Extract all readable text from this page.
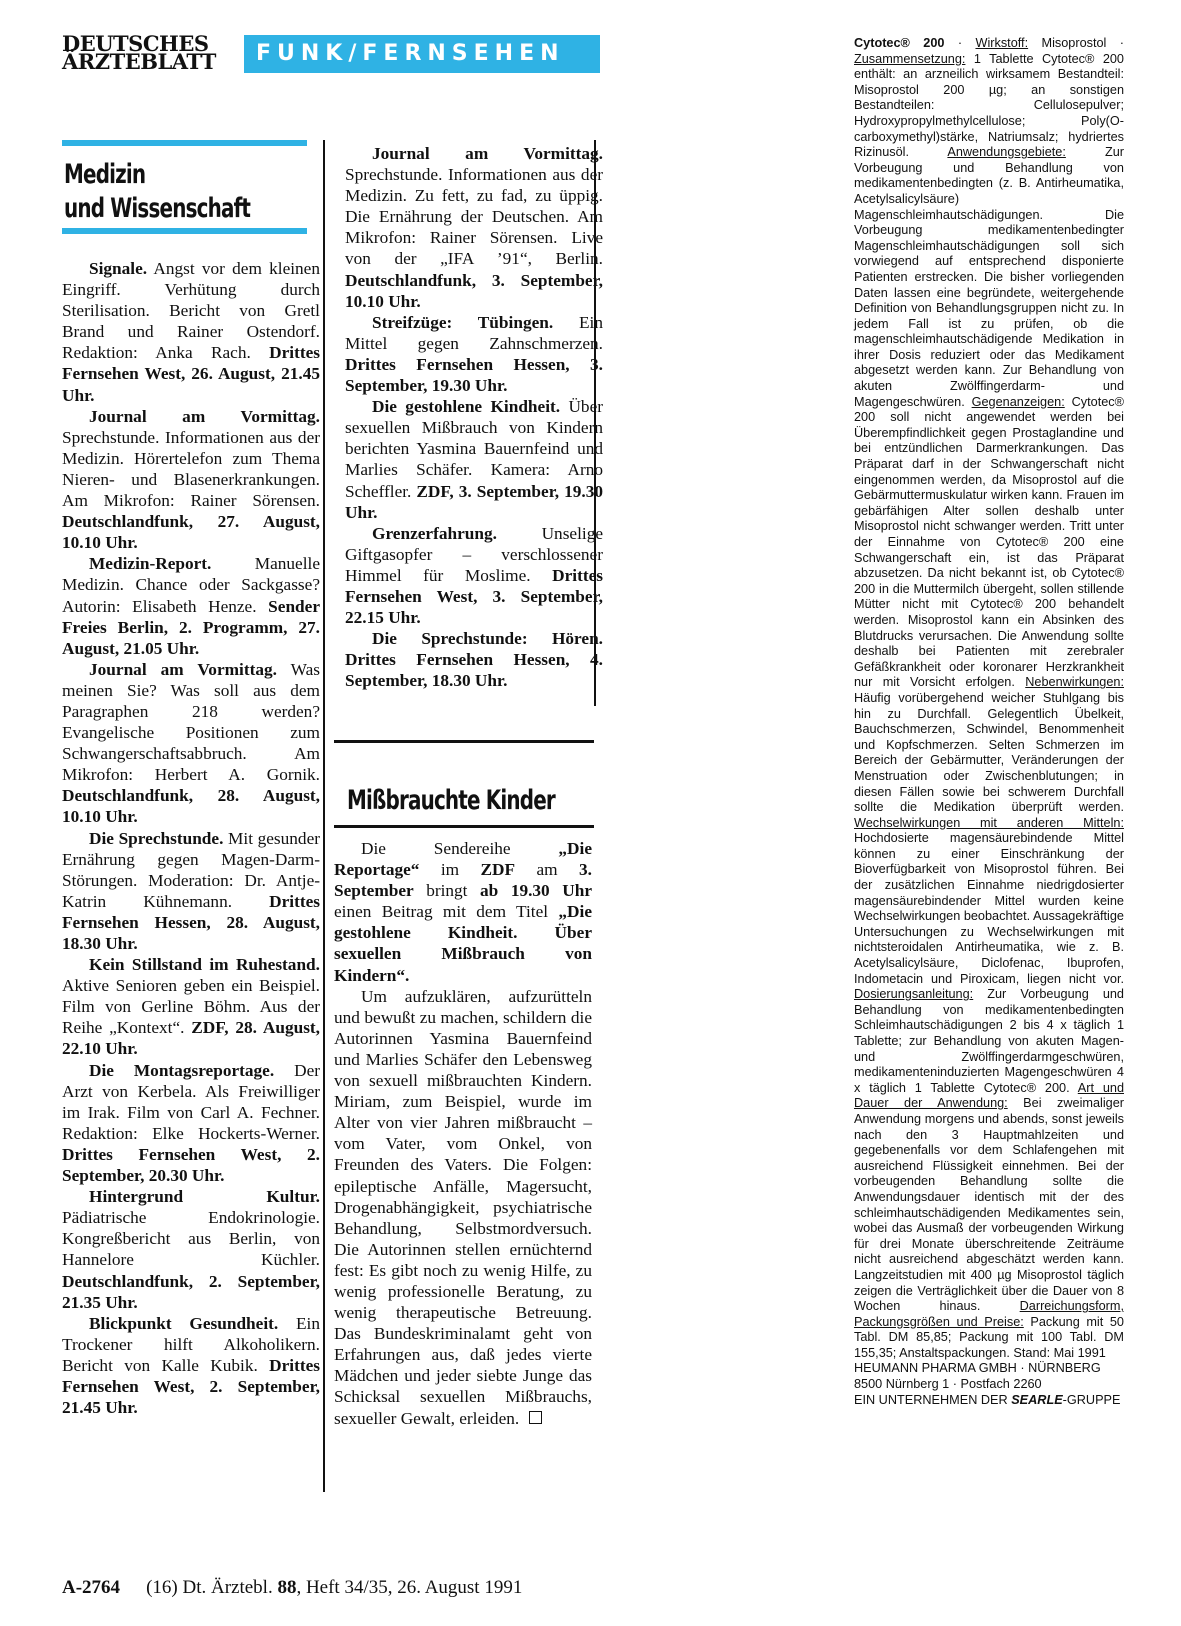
DEUTSCHES
ÄRZTEBLATT	FUNK/FERNSEHEN
Medizin
und Wissenschaft

Signale. Angst vor dem kleinen Eingriff. Verhütung durch Sterilisation. Bericht von Gretl Brand und Rainer Ostendorf. Redaktion: Anka Rach. Drittes Fernsehen West, 26. August, 21.45 Uhr.

Journal am Vormittag. Sprechstunde. Informationen aus der Medizin. Hörertelefon zum Thema Nieren- und Blasenerkrankungen. Am Mikrofon: Rainer Sörensen. Deutschlandfunk, 27. August, 10.10 Uhr.

Medizin-Report. Manuelle Medizin. Chance oder Sackgasse? Autorin: Elisabeth Henze. Sender Freies Berlin, 2. Programm, 27. August, 21.05 Uhr.

Journal am Vormittag. Was meinen Sie? Was soll aus dem Paragraphen 218 werden? Evangelische Positionen zum Schwangerschaftsabbruch. Am Mikrofon: Herbert A. Gornik. Deutschlandfunk, 28. August, 10.10 Uhr.

Die Sprechstunde. Mit gesunder Ernährung gegen Magen-Darm-Störungen. Moderation: Dr. Antje-Katrin Kühnemann. Drittes Fernsehen Hessen, 28. August, 18.30 Uhr.

Kein Stillstand im Ruhestand. Aktive Senioren geben ein Beispiel. Film von Gerline Böhm. Aus der Reihe „Kontext“. ZDF, 28. August, 22.10 Uhr.

Die Montagsreportage. Der Arzt von Kerbela. Als Freiwilliger im Irak. Film von Carl A. Fechner. Redaktion: Elke Hockerts-Werner. Drittes Fernsehen West, 2. September, 20.30 Uhr.

Hintergrund Kultur. Pädiatrische Endokrinologie. Kongreßbericht aus Berlin, von Hannelore Küchler. Deutschlandfunk, 2. September, 21.35 Uhr.

Blickpunkt Gesundheit. Ein Trockener hilft Alkoholikern. Bericht von Kalle Kubik. Drittes Fernsehen West, 2. September, 21.45 Uhr.

Journal am Vormittag. Sprechstunde. Informationen aus der Medizin. Zu fett, zu fad, zu üppig. Die Ernährung der Deutschen. Am Mikrofon: Rainer Sörensen. Live von der „IFA ’91“, Berlin. Deutschlandfunk, 3. September, 10.10 Uhr.

Streifzüge: Tübingen. Ein Mittel gegen Zahnschmerzen. Drittes Fernsehen Hessen, 3. September, 19.30 Uhr.

Die gestohlene Kindheit. Über sexuellen Mißbrauch von Kindern berichten Yasmina Bauernfeind und Marlies Schäfer. Kamera: Arno Scheffler. ZDF, 3. September, 19.30 Uhr.

Grenzerfahrung. Unselige Giftgasopfer – verschlossener Himmel für Moslime. Drittes Fernsehen West, 3. September, 22.15 Uhr.

Die Sprechstunde: Hören. Drittes Fernsehen Hessen, 4. September, 18.30 Uhr.

Mißbrauchte Kinder

Die Sendereihe „Die Reportage“ im ZDF am 3. September bringt ab 19.30 Uhr einen Beitrag mit dem Titel „Die gestohlene Kindheit. Über sexuellen Mißbrauch von Kindern“.

Um aufzuklären, aufzurütteln und bewußt zu machen, schildern die Autorinnen Yasmina Bauernfeind und Marlies Schäfer den Lebensweg von sexuell mißbrauchten Kindern. Miriam, zum Beispiel, wurde im Alter von vier Jahren mißbraucht – vom Vater, vom Onkel, von Freunden des Vaters. Die Folgen: epileptische Anfälle, Magersucht, Drogenabhängigkeit, psychiatrische Behandlung, Selbstmordversuch. Die Autorinnen stellen ernüchternd fest: Es gibt noch zu wenig Hilfe, zu wenig professionelle Beratung, zu wenig therapeutische Betreuung. Das Bundeskriminalamt geht von Erfahrungen aus, daß jedes vierte Mädchen und jeder siebte Junge das Schicksal sexuellen Mißbrauchs, sexueller Gewalt, erleiden.

A-2764 (16) Dt. Ärztebl. 88, Heft 34/35, 26. August 1991
Cytotec® 200 · Wirkstoff: Misoprostol · Zusammensetzung: 1 Tablette Cytotec® 200 enthält: an arzneilich wirksamem Bestandteil: Misoprostol 200 µg; an sonstigen Bestandteilen: Cellulosepulver; Hydroxypropylmethylcellulose; Poly(O-carboxymethyl)stärke, Natriumsalz; hydriertes Rizinusöl. Anwendungsgebiete: Zur Vorbeugung und Behandlung von medikamentenbedingten (z. B. Antirheumatika, Acetylsalicylsäure) Magenschleimhautschädigungen. Die Vorbeugung medikamentenbedingter Magenschleimhautschädigungen soll sich vorwiegend auf entsprechend disponierte Patienten erstrecken. Die bisher vorliegenden Daten lassen eine begründete, weitergehende Definition von Behandlungsgruppen nicht zu. In jedem Fall ist zu prüfen, ob die magenschleimhautschädigende Medikation in ihrer Dosis reduziert oder das Medikament abgesetzt werden kann. Zur Behandlung von akuten Zwölffingerdarm- und Magengeschwüren. Gegenanzeigen: Cytotec® 200 soll nicht angewendet werden bei Überempfindlichkeit gegen Prostaglandine und bei entzündlichen Darmerkrankungen. Das Präparat darf in der Schwangerschaft nicht eingenommen werden, da Misoprostol auf die Gebärmuttermuskulatur wirken kann. Frauen im gebärfähigen Alter sollen deshalb unter Misoprostol nicht schwanger werden. Tritt unter der Einnahme von Cytotec® 200 eine Schwangerschaft ein, ist das Präparat abzusetzen. Da nicht bekannt ist, ob Cytotec® 200 in die Muttermilch übergeht, sollen stillende Mütter nicht mit Cytotec® 200 behandelt werden. Misoprostol kann ein Absinken des Blutdrucks verursachen. Die Anwendung sollte deshalb bei Patienten mit zerebraler Gefäßkrankheit oder koronarer Herzkrankheit nur mit Vorsicht erfolgen. Nebenwirkungen: Häufig vorübergehend weicher Stuhlgang bis hin zu Durchfall. Gelegentlich Übelkeit, Bauchschmerzen, Schwindel, Benommenheit und Kopfschmerzen. Selten Schmerzen im Bereich der Gebärmutter, Veränderungen der Menstruation oder Zwischenblutungen; in diesen Fällen sowie bei schwerem Durchfall sollte die Medikation überprüft werden. Wechselwirkungen mit anderen Mitteln: Hochdosierte magensäurebindende Mittel können zu einer Einschränkung der Bioverfügbarkeit von Misoprostol führen. Bei der zusätzlichen Einnahme niedrigdosierter magensäurebindender Mittel wurden keine Wechselwirkungen beobachtet. Aussagekräftige Untersuchungen zu Wechselwirkungen mit nichtsteroidalen Antirheumatika, wie z. B. Acetylsalicylsäure, Diclofenac, Ibuprofen, Indometacin und Piroxicam, liegen nicht vor. Dosierungsanleitung: Zur Vorbeugung und Behandlung von medikamentenbedingten Schleimhautschädigungen 2 bis 4 x täglich 1 Tablette; zur Behandlung von akuten Magen- und Zwölffingerdarmgeschwüren, medikamenteninduzierten Magengeschwüren 4 x täglich 1 Tablette Cytotec® 200. Art und Dauer der Anwendung: Bei zweimaliger Anwendung morgens und abends, sonst jeweils nach den 3 Hauptmahlzeiten und gegebenenfalls vor dem Schlafengehen mit ausreichend Flüssigkeit einnehmen. Bei der vorbeugenden Behandlung sollte die Anwendungsdauer identisch mit der des schleimhautschädigenden Medikamentes sein, wobei das Ausmaß der vorbeugenden Wirkung für drei Monate überschreitende Zeiträume nicht ausreichend abgeschätzt werden kann. Langzeitstudien mit 400 µg Misoprostol täglich zeigen die Verträglichkeit über die Dauer von 8 Wochen hinaus. Darreichungsform, Packungsgrößen und Preise: Packung mit 50 Tabl. DM 85,85; Packung mit 100 Tabl. DM 155,35; Anstaltspackungen. Stand: Mai 1991
HEUMANN PHARMA GMBH · NÜRNBERG
8500 Nürnberg 1 · Postfach 2260
EIN UNTERNEHMEN DER SEARLE-GRUPPE
